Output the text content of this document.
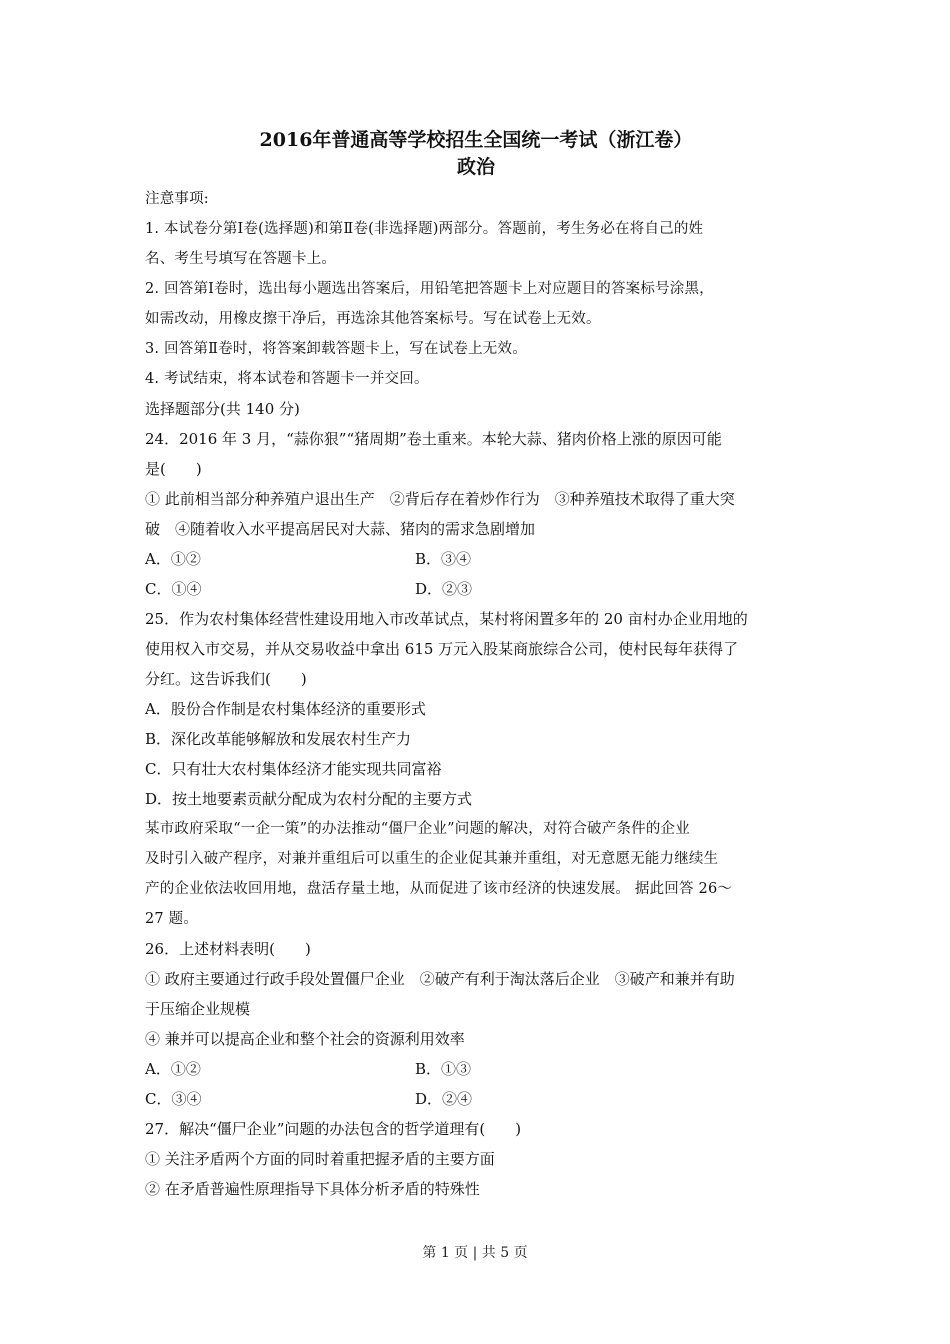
2016年普通高等学校招生全国统一考试（浙江卷）

政治

注意事项:

1. 本试卷分第Ⅰ卷(选择题)和第Ⅱ卷(非选择题)两部分。答题前，考生务必在将自己的姓

名、考生号填写在答题卡上。

2. 回答第Ⅰ卷时，选出每小题选出答案后，用铅笔把答题卡上对应题目的答案标号涂黑，

如需改动，用橡皮擦干净后，再选涂其他答案标号。写在试卷上无效。

3. 回答第Ⅱ卷时，将答案卸载答题卡上，写在试卷上无效。

4. 考试结束，将本试卷和答题卡一并交回。

选择题部分(共 140 分)

24．2016 年 3 月，“蒜你狠”“猪周期”卷土重来。本轮大蒜、猪肉价格上涨的原因可能

是(　　)

① 此前相当部分种养殖户退出生产　②背后存在着炒作行为　③种养殖技术取得了重大突

破　④随着收入水平提高居民对大蒜、猪肉的需求急剧增加

A．①②	B．③④
C．①④	D．②③

25．作为农村集体经营性建设用地入市改革试点，某村将闲置多年的 20 亩村办企业用地的

使用权入市交易，并从交易收益中拿出 615 万元入股某商旅综合公司，使村民每年获得了

分红。这告诉我们(　　)

A．股份合作制是农村集体经济的重要形式

B．深化改革能够解放和发展农村生产力

C．只有壮大农村集体经济才能实现共同富裕

D．按土地要素贡献分配成为农村分配的主要方式

某市政府采取“一企一策”的办法推动“僵尸企业”问题的解决，对符合破产条件的企业

及时引入破产程序，对兼并重组后可以重生的企业促其兼并重组，对无意愿无能力继续生

产的企业依法收回用地，盘活存量土地，从而促进了该市经济的快速发展。 据此回答 26～

27 题。

26．上述材料表明(　　)

① 政府主要通过行政手段处置僵尸企业　②破产有利于淘汰落后企业　③破产和兼并有助

于压缩企业规模

④ 兼并可以提高企业和整个社会的资源利用效率

A．①②	B．①③
C．③④	D．②④

27．解决“僵尸企业”问题的办法包含的哲学道理有(　　)

① 关注矛盾两个方面的同时着重把握矛盾的主要方面

② 在矛盾普遍性原理指导下具体分析矛盾的特殊性

第 1 页 | 共 5 页
